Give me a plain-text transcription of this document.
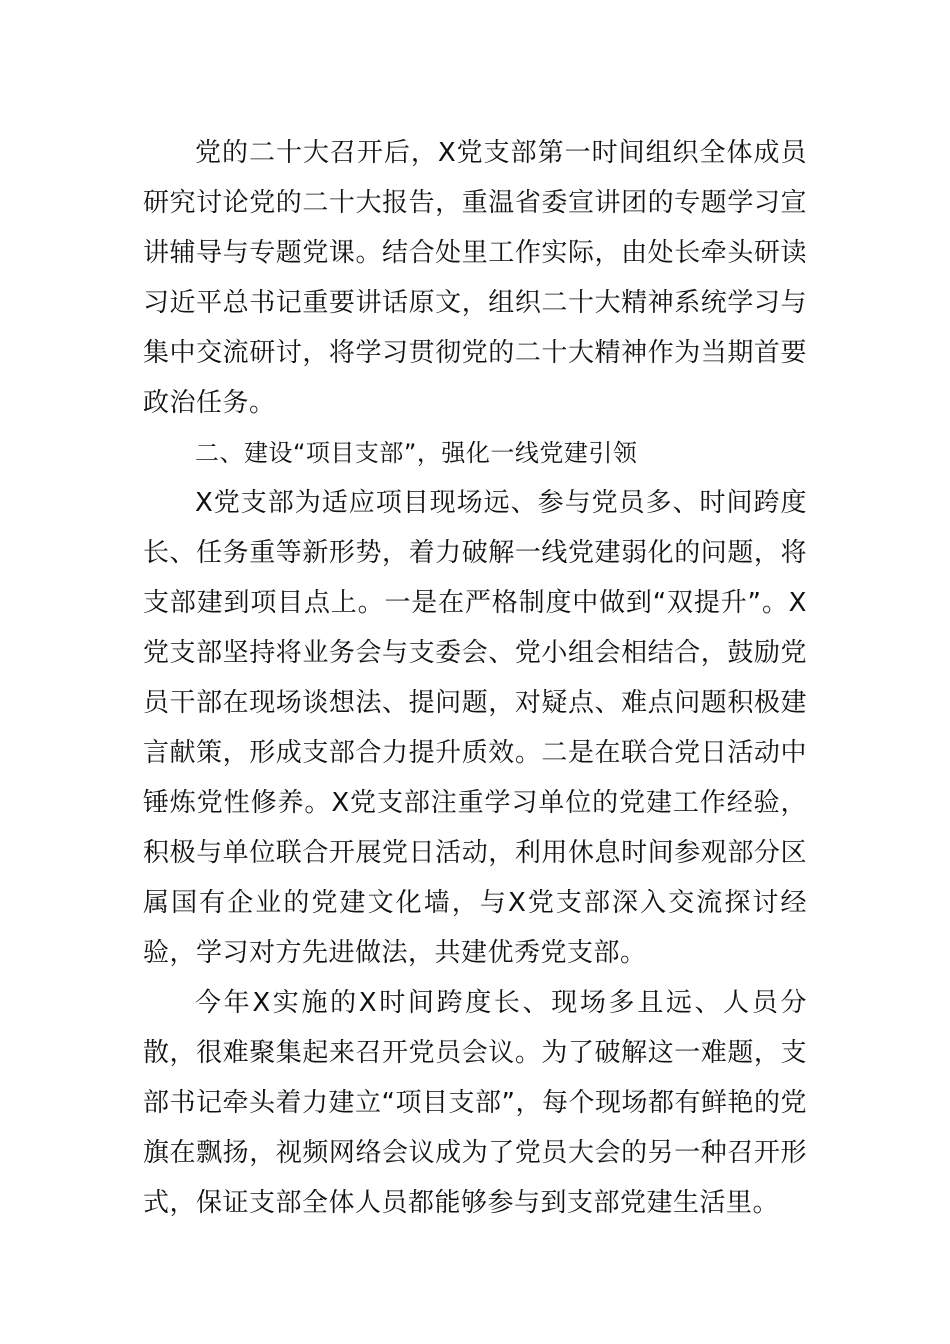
党的二十大召开后，X党支部第一时间组织全体成员研究讨论党的二十大报告，重温省委宣讲团的专题学习宣讲辅导与专题党课。结合处里工作实际，由处长牵头研读习近平总书记重要讲话原文，组织二十大精神系统学习与集中交流研讨，将学习贯彻党的二十大精神作为当期首要政治任务。

二、建设“项目支部”，强化一线党建引领

X党支部为适应项目现场远、参与党员多、时间跨度长、任务重等新形势，着力破解一线党建弱化的问题，将支部建到项目点上。一是在严格制度中做到“双提升”。X党支部坚持将业务会与支委会、党小组会相结合，鼓励党员干部在现场谈想法、提问题，对疑点、难点问题积极建言献策，形成支部合力提升质效。二是在联合党日活动中锤炼党性修养。X党支部注重学习单位的党建工作经验，积极与单位联合开展党日活动，利用休息时间参观部分区属国有企业的党建文化墙，与X党支部深入交流探讨经验，学习对方先进做法，共建优秀党支部。

今年X实施的X时间跨度长、现场多且远、人员分散，很难聚集起来召开党员会议。为了破解这一难题，支部书记牵头着力建立“项目支部”，每个现场都有鲜艳的党旗在飘扬，视频网络会议成为了党员大会的另一种召开形式，保证支部全体人员都能够参与到支部党建生活里。
